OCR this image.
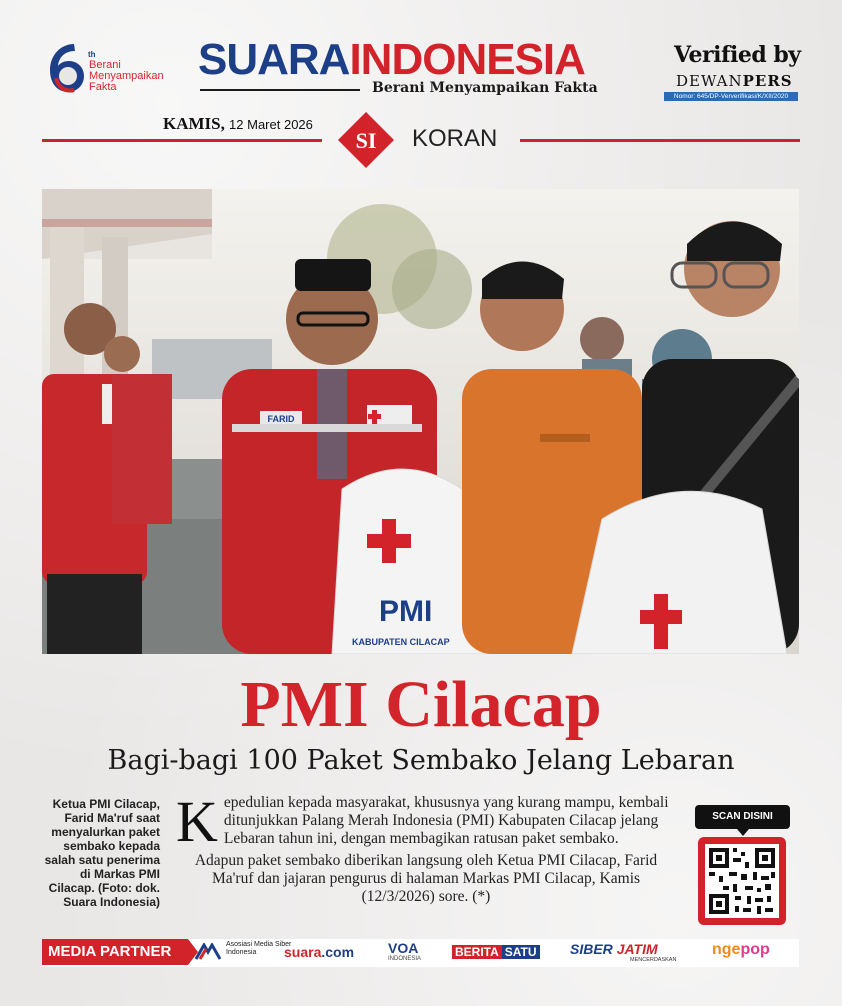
th
Berani Menyampaikan Fakta
SUARAINDONESIA
Berani Menyampaikan Fakta
Verified by
DEWANPERS
Nomor: 645/DP-Ververifikasi/K/XII/2020
KAMIS, 12 Maret 2026
SI KORAN
FARID
PMI
KABUPATEN CILACAP
PMI Cilacap
Bagi-bagi 100 Paket Sembako Jelang Lebaran
Ketua PMI Cilacap, Farid Ma'ruf saat menyalurkan paket sembako kepada salah satu penerima di Markas PMI Cilacap. (Foto: dok. Suara Indonesia)

Kepedulian kepada masyarakat, khususnya yang kurang mampu, kembali ditunjukkan Palang Merah Indonesia (PMI) Kabupaten Cilacap jelang Lebaran tahun ini, dengan membagikan ratusan paket sembako.

Adapun paket sembako diberikan langsung oleh Ketua PMI Cilacap, Farid Ma'ruf dan jajaran pengurus di halaman Markas PMI Cilacap, Kamis (12/3/2026) sore. (*)

SCAN DISINI
MEDIA PARTNER	Asosiasi Media Siber Indonesia	suara.com VOA
INDONESIA	BERITA SATU SIBER JATIM
MENCERDASKAN
ngepop
